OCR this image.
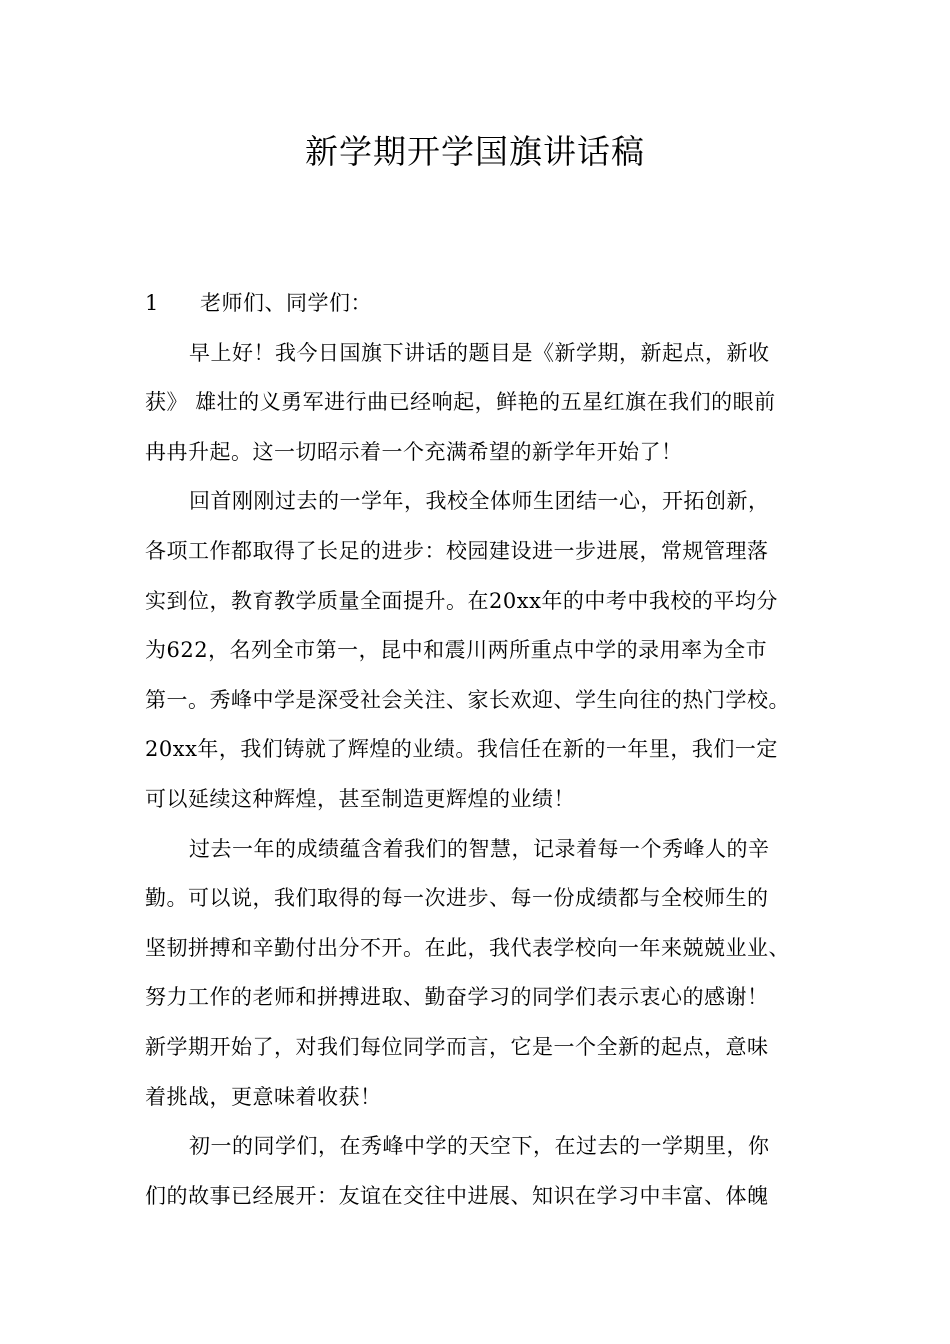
新学期开学国旗讲话稿
1 老师们、同学们：
早上好！我今日国旗下讲话的题目是《新学期，新起点，新收
获》 雄壮的义勇军进行曲已经响起，鲜艳的五星红旗在我们的眼前
冉冉升起。这一切昭示着一个充满希望的新学年开始了！
回首刚刚过去的一学年，我校全体师生团结一心，开拓创新，
各项工作都取得了长足的进步：校园建设进一步进展，常规管理落
实到位，教育教学质量全面提升。在20xx年的中考中我校的平均分
为622，名列全市第一，昆中和震川两所重点中学的录用率为全市
第一。秀峰中学是深受社会关注、家长欢迎、学生向往的热门学校。
20xx年，我们铸就了辉煌的业绩。我信任在新的一年里，我们一定
可以延续这种辉煌，甚至制造更辉煌的业绩！
过去一年的成绩蕴含着我们的智慧，记录着每一个秀峰人的辛
勤。可以说，我们取得的每一次进步、每一份成绩都与全校师生的
坚韧拼搏和辛勤付出分不开。在此，我代表学校向一年来兢兢业业、
努力工作的老师和拼搏进取、勤奋学习的同学们表示衷心的感谢！
新学期开始了，对我们每位同学而言，它是一个全新的起点，意味
着挑战，更意味着收获！
初一的同学们，在秀峰中学的天空下，在过去的一学期里，你
们的故事已经展开：友谊在交往中进展、知识在学习中丰富、体魄
